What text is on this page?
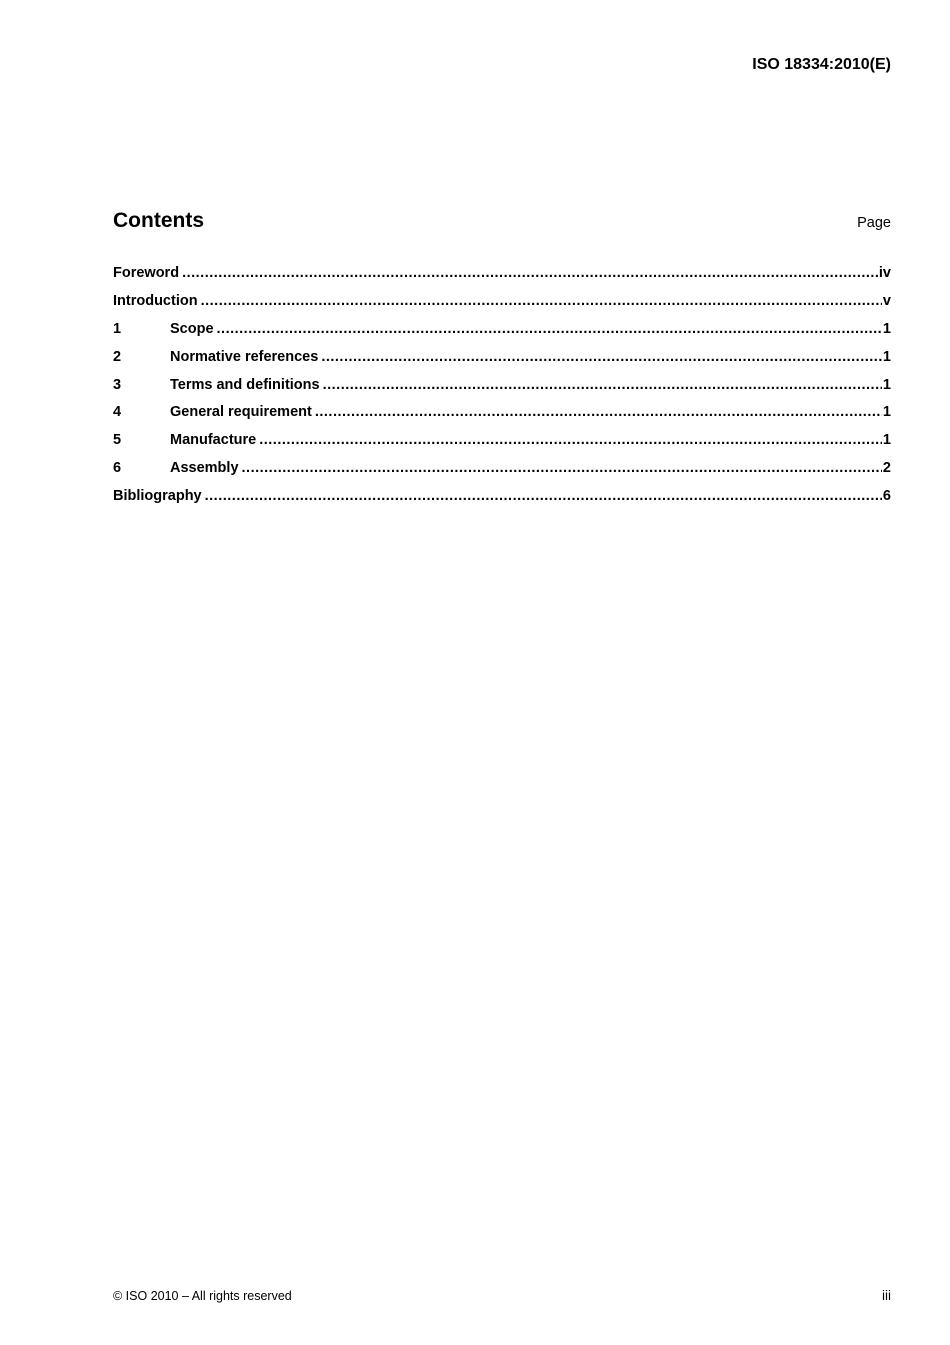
ISO 18334:2010(E)
Contents	Page
Foreword .....	iv
Introduction .....	v
1	Scope .....	1
2	Normative references .....	1
3	Terms and definitions .....	1
4	General requirement .....	1
5	Manufacture .....	1
6	Assembly .....	2
Bibliography .....	6
© ISO 2010 – All rights reserved	iii
